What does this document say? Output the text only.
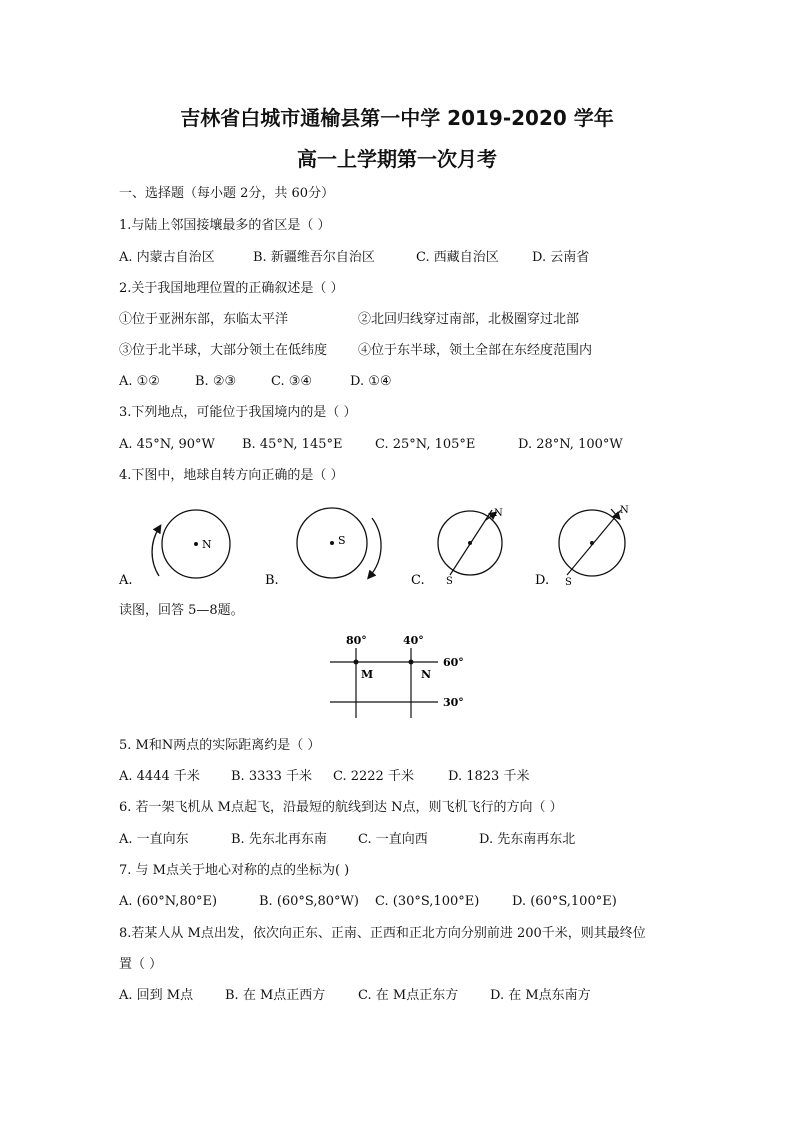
吉林省白城市通榆县第一中学 2019-2020 学年
高一上学期第一次月考
一、选择题（每小题 2分，共 60分）
1.与陆上邻国接壤最多的省区是（ ）
A. 内蒙古自治区	B. 新疆维吾尔自治区	C. 西藏自治区	D. 云南省
2.关于我国地理位置的正确叙述是（ ）
①位于亚洲东部，东临太平洋	②北回归线穿过南部，北极圈穿过北部
③位于北半球，大部分领土在低纬度 ④位于东半球，领土全部在东经度范围内
A. ①②	B. ②③	C. ③④	D. ①④
3.下列地点，可能位于我国境内的是（ ）
A. 45°N, 90°W B. 45°N, 145°E	C. 25°N, 105°E	D. 28°N, 100°W
4.下图中，地球自转方向正确的是（ ）
N
A.
S
B.
N
S
C.
N
S
D.
80°	40°
M	N
60°
30°
读图，回答 5—8题。
5. M和N两点的实际距离约是（ ）
A. 4444 千米 B. 3333 千米 C. 2222 千米	D. 1823 千米
6. 若一架飞机从 M点起飞，沿最短的航线到达 N点，则飞机飞行的方向（ ）
A. 一直向东	B. 先东北再东南 C. 一直向西	D. 先东南再东北
7. 与 M点关于地心对称的点的坐标为( )
A. (60°N,80°E)	B. (60°S,80°W) C. (30°S,100°E)	D. (60°S,100°E)
8.若某人从 M点出发，依次向正东、正南、正西和正北方向分别前进 200千米，则其最终位
置（ ）
A. 回到 M点 B. 在 M点正西方	C. 在 M点正东方 D. 在 M点东南方
